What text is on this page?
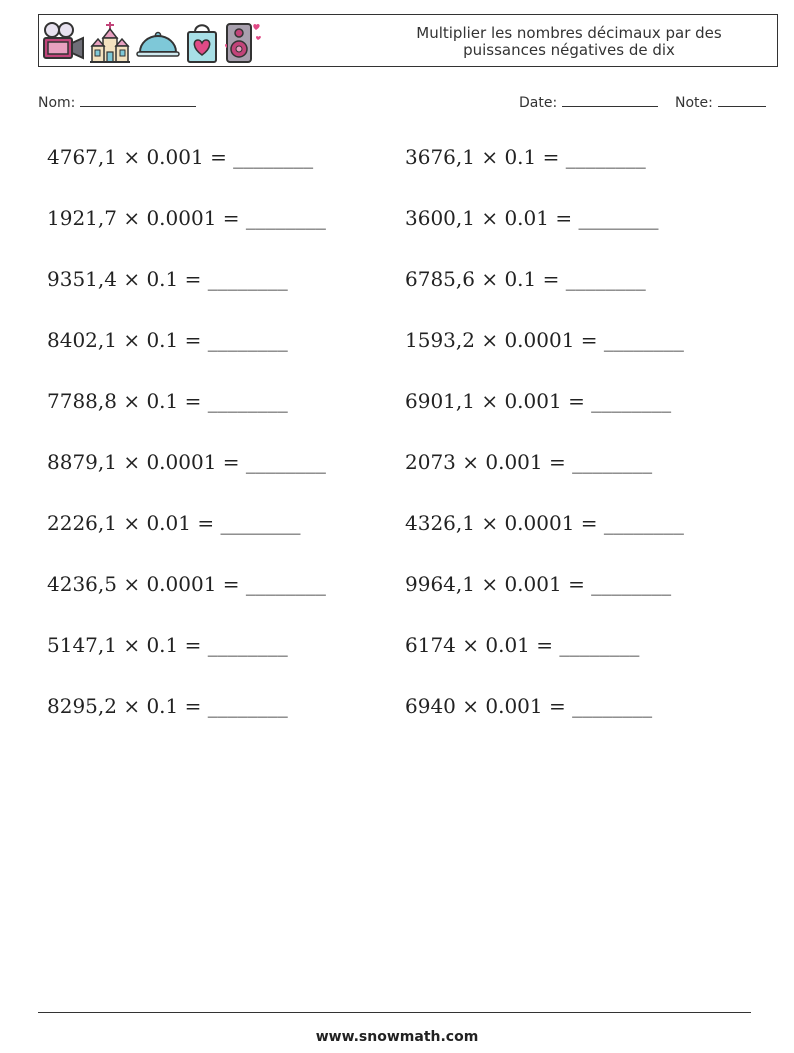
Multiplier les nombres décimaux par des
puissances négatives de dix
Nom:	Date:	Note:
4767,1 × 0.001 = ________	3676,1 × 0.1 = ________
1921,7 × 0.0001 = ________	3600,1 × 0.01 = ________
9351,4 × 0.1 = ________	6785,6 × 0.1 = ________
8402,1 × 0.1 = ________	1593,2 × 0.0001 = ________
7788,8 × 0.1 = ________	6901,1 × 0.001 = ________
8879,1 × 0.0001 = ________	2073 × 0.001 = ________
2226,1 × 0.01 = ________	4326,1 × 0.0001 = ________
4236,5 × 0.0001 = ________	9964,1 × 0.001 = ________
5147,1 × 0.1 = ________	6174 × 0.01 = ________
8295,2 × 0.1 = ________	6940 × 0.001 = ________
www.snowmath.com
